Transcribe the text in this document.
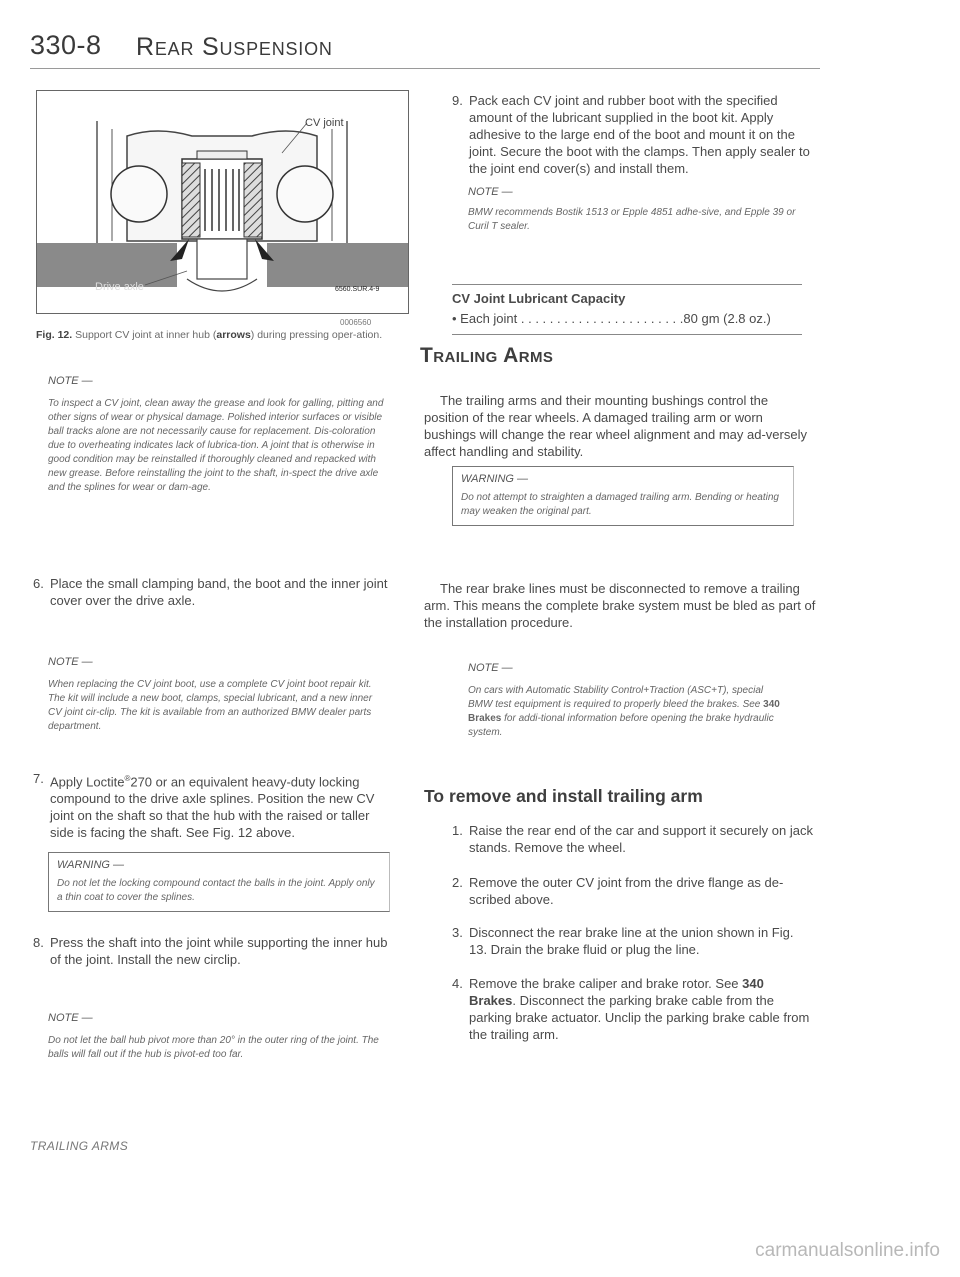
330-8 Rear Suspension
CV joint
Drive axle	6560.SUR.4-9
0006560
Fig. 12. Support CV joint at inner hub (arrows) during pressing oper-ation.
NOTE —
To inspect a CV joint, clean away the grease and look for galling, pitting and other signs of wear or physical damage. Polished interior surfaces or visible ball tracks alone are not necessarily cause for replacement. Dis-coloration due to overheating indicates lack of lubrica-tion. A joint that is otherwise in good condition may be reinstalled if thoroughly cleaned and repacked with new grease. Before reinstalling the joint to the shaft, in-spect the drive axle and the splines for wear or dam-age.
6. Place the small clamping band, the boot and the inner joint cover over the drive axle.
NOTE —
When replacing the CV joint boot, use a complete CV joint boot repair kit. The kit will include a new boot, clamps, special lubricant, and a new inner CV joint cir-clip. The kit is available from an authorized BMW dealer parts department.
7. Apply Loctite®270 or an equivalent heavy-duty locking compound to the drive axle splines. Position the new CV joint on the shaft so that the hub with the raised or taller side is facing the shaft. See Fig. 12 above.
WARNING —
Do not let the locking compound contact the balls in the joint. Apply only a thin coat to cover the splines.
8. Press the shaft into the joint while supporting the inner hub of the joint. Install the new circlip.
NOTE —
Do not let the ball hub pivot more than 20° in the outer ring of the joint. The balls will fall out if the hub is pivot-ed too far.
9. Pack each CV joint and rubber boot with the specified amount of the lubricant supplied in the boot kit. Apply adhesive to the large end of the boot and mount it on the joint. Secure the boot with the clamps. Then apply sealer to the joint end cover(s) and install them.
NOTE —
BMW recommends Bostik 1513 or Epple 4851 adhe-sive, and Epple 39 or Curil T sealer.
CV Joint Lubricant Capacity
• Each joint . . . . . . . . . . . . . . . . . . . . . . .80 gm (2.8 oz.)
Trailing Arms
The trailing arms and their mounting bushings control the position of the rear wheels. A damaged trailing arm or worn bushings will change the rear wheel alignment and may ad-versely affect handling and stability.
WARNING —
Do not attempt to straighten a damaged trailing arm. Bending or heating may weaken the original part.
The rear brake lines must be disconnected to remove a trailing arm. This means the complete brake system must be bled as part of the installation procedure.
NOTE —
On cars with Automatic Stability Control+Traction (ASC+T), special BMW test equipment is required to properly bleed the brakes. See 340 Brakes for addi-tional information before opening the brake hydraulic system.
To remove and install trailing arm
1. Raise the rear end of the car and support it securely on jack stands. Remove the wheel.
2. Remove the outer CV joint from the drive flange as de-scribed above.
3. Disconnect the rear brake line at the union shown in Fig. 13. Drain the brake fluid or plug the line.
4. Remove the brake caliper and brake rotor. See 340 Brakes. Disconnect the parking brake cable from the parking brake actuator. Unclip the parking brake cable from the trailing arm.
TRAILING ARMS
carmanualsonline.info
